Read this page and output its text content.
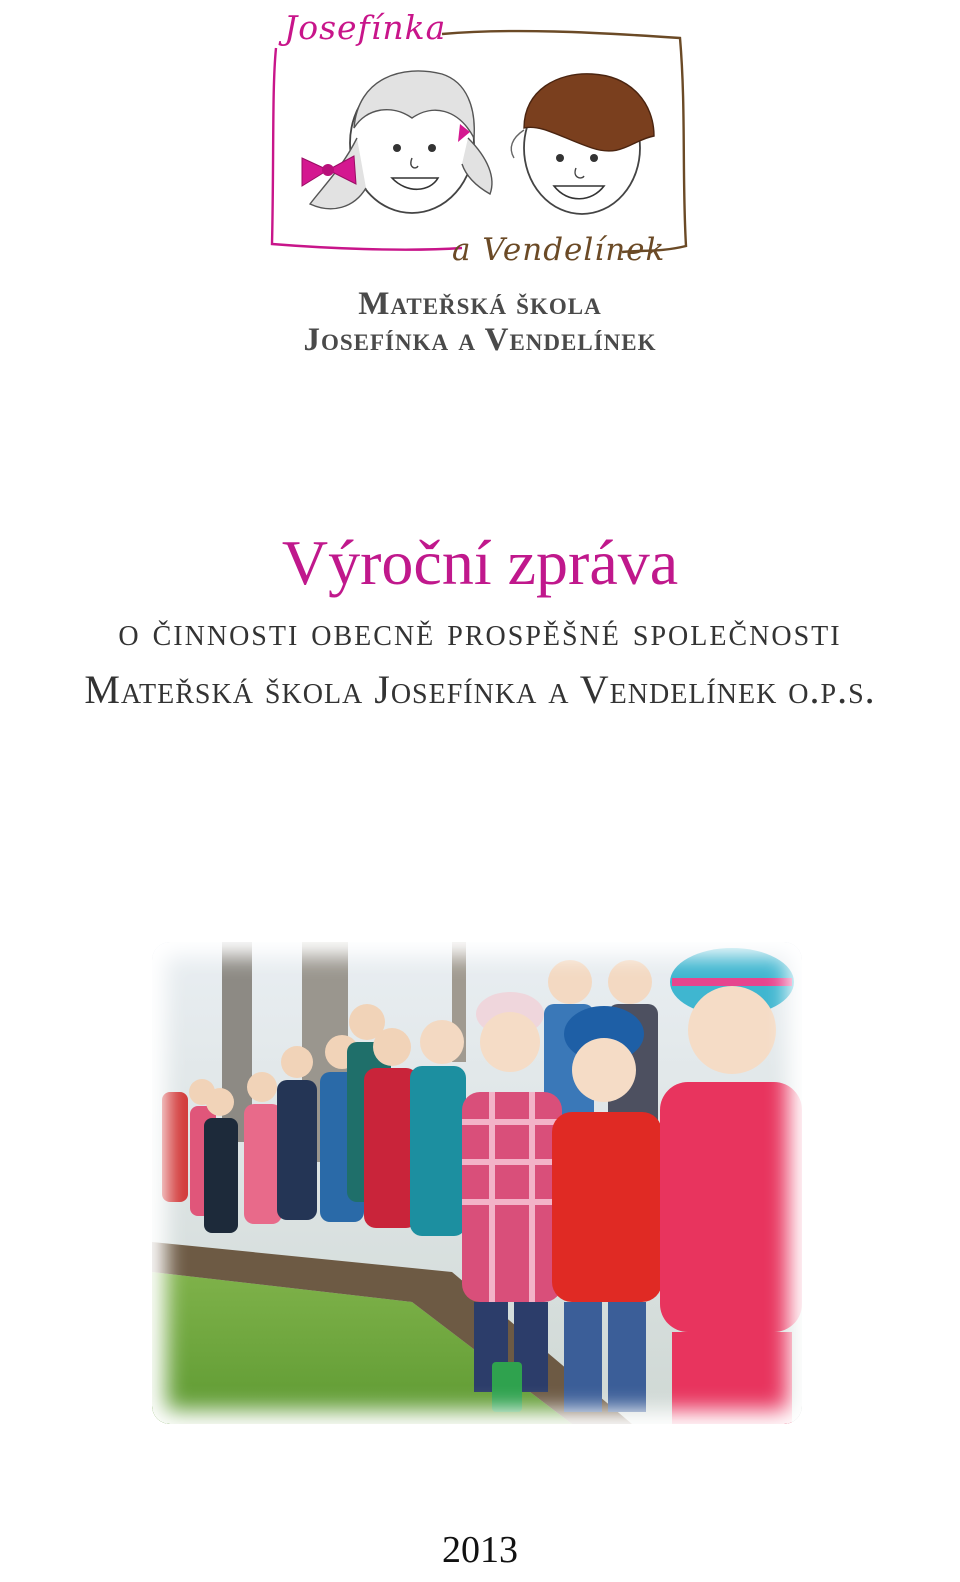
Josefínka
a Vendelínek
Mateřská škola
Josefínka a Vendelínek
Výroční zpráva
o činnosti obecně prospěšné společnosti
Mateřská škola Josefínka a Vendelínek o.p.s.
2013
